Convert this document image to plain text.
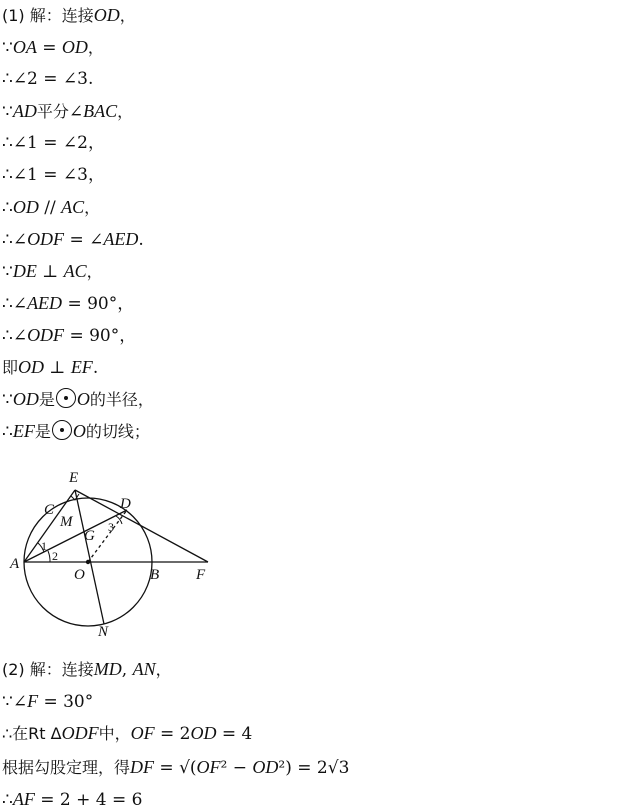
(1) 解：连接OD，
∵OA = OD，
∴∠2 = ∠3.
∵AD平分∠BAC，
∴∠1 = ∠2，
∴∠1 = ∠3，
∴OD // AC，
∴∠ODF = ∠AED.
∵DE ⊥ AC，
∴∠AED = 90°，
∴∠ODF = 90°，
即OD ⊥ EF.
∵OD是 O的半径，
∴EF是 O的切线；
(2) 解：连接MD, AN，
∵∠F = 30°
∴在Rt ΔODF中，OF = 2OD = 4
根据勾股定理，得DF = √(OF² − OD²) = 2√3
∴AF = 2 + 4 = 6
E
C	D
M
G
A
O	B F
N
1
2
3
